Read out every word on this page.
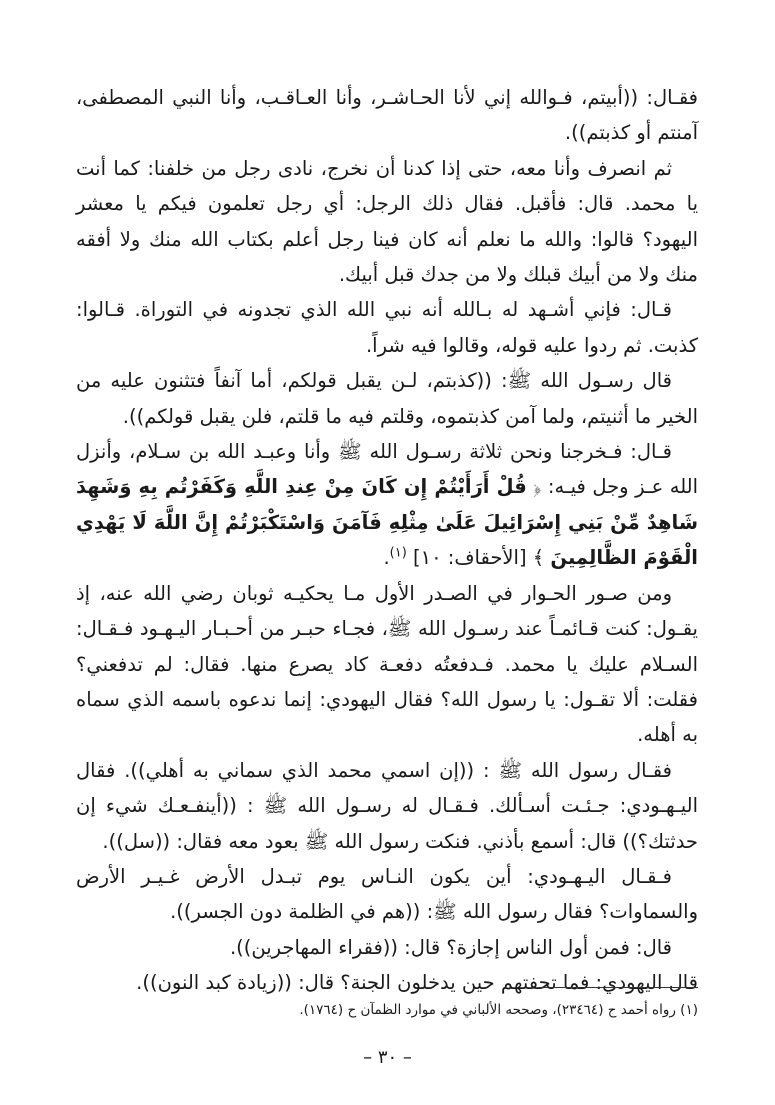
فقـال: ((أبيتم، فـوالله إني لأنا الحـاشـر، وأنا العـاقـب، وأنا النبي المصطفى، آمنتم أو كذبتم)).

ثم انصرف وأنا معه، حتى إذا كدنا أن نخرج، نادى رجل من خلفنا: كما أنت يا محمد. قال: فأقبل. فقال ذلك الرجل: أي رجل تعلمون فيكم يا معشر اليهود؟ قالوا: والله ما نعلم أنه كان فينا رجل أعلم بكتاب الله منك ولا أفقه منك ولا من أبيك قبلك ولا من جدك قبل أبيك.

قـال: فإني أشـهد له بـالله أنه نبي الله الذي تجدونه في التوراة. قـالوا: كذبت. ثم ردوا عليه قوله، وقالوا فيه شراً.

قال رسـول الله ﷺ: ((كذبتم، لـن يقبل قولكم، أما آنفاً فتثنون عليه من الخير ما أثنيتم، ولما آمن كذبتموه، وقلتم فيه ما قلتم، فلن يقبل قولكم)).

قـال: فـخرجنا ونحن ثلاثة رسـول الله ﷺ وأنا وعبـد الله بن سـلام، وأنزل الله عـز وجل فيـه: ﴿ قُلْ أَرَأَيْتُمْ إِن كَانَ مِنْ عِندِ اللَّهِ وَكَفَرْتُم بِهِ وَشَهِدَ شَاهِدٌ مِّنْ بَنِي إِسْرَائِيلَ عَلَىٰ مِثْلِهِ فَآمَنَ وَاسْتَكْبَرْتُمْ إِنَّ اللَّهَ لَا يَهْدِي الْقَوْمَ الظَّالِمِينَ ﴾ [الأحقاف: ١٠] $^{(١)}$.

ومن صـور الحـوار في الصـدر الأول مـا يحكيـه ثوبان رضي الله عنه، إذ يقـول: كنت قـائمـاً عند رسـول الله ﷺ، فجـاء حبـر من أحـبـار اليـهـود فـقـال: السـلام عليك يا محمد. فـدفعتُه دفعـة كاد يصرع منها. فقال: لم تدفعني؟ فقلت: ألا تقـول: يا رسول الله؟ فقال اليهودي: إنما ندعوه باسمه الذي سماه به أهله.

فقـال رسول الله ﷺ : ((إن اسمي محمد الذي سماني به أهلي)). فقال اليـهـودي: جـئـت أسـألك. فـقـال له رسـول الله ﷺ : ((أينفـعـك شيء إن حدثتك؟)) قال: أسمع بأذني. فنكت رسول الله ﷺ بعود معه فقال: ((سل)).

فـقـال اليـهـودي: أين يكون النـاس يوم تبـدل الأرض غـيـر الأرض والسماوات؟ فقال رسول الله ﷺ: ((هم في الظلمة دون الجسر)).

قال: فمن أول الناس إجازة؟ قال: ((فقراء المهاجرين)).

قال اليهودي: فما تحفتهم حين يدخلون الجنة؟ قال: ((زيادة كبد النون)).

(١) رواه أحمد ح (٢٣٤٦٤)، وصححه الألباني في موارد الظمآن ح (١٧٦٤).
– ٣٠ –
